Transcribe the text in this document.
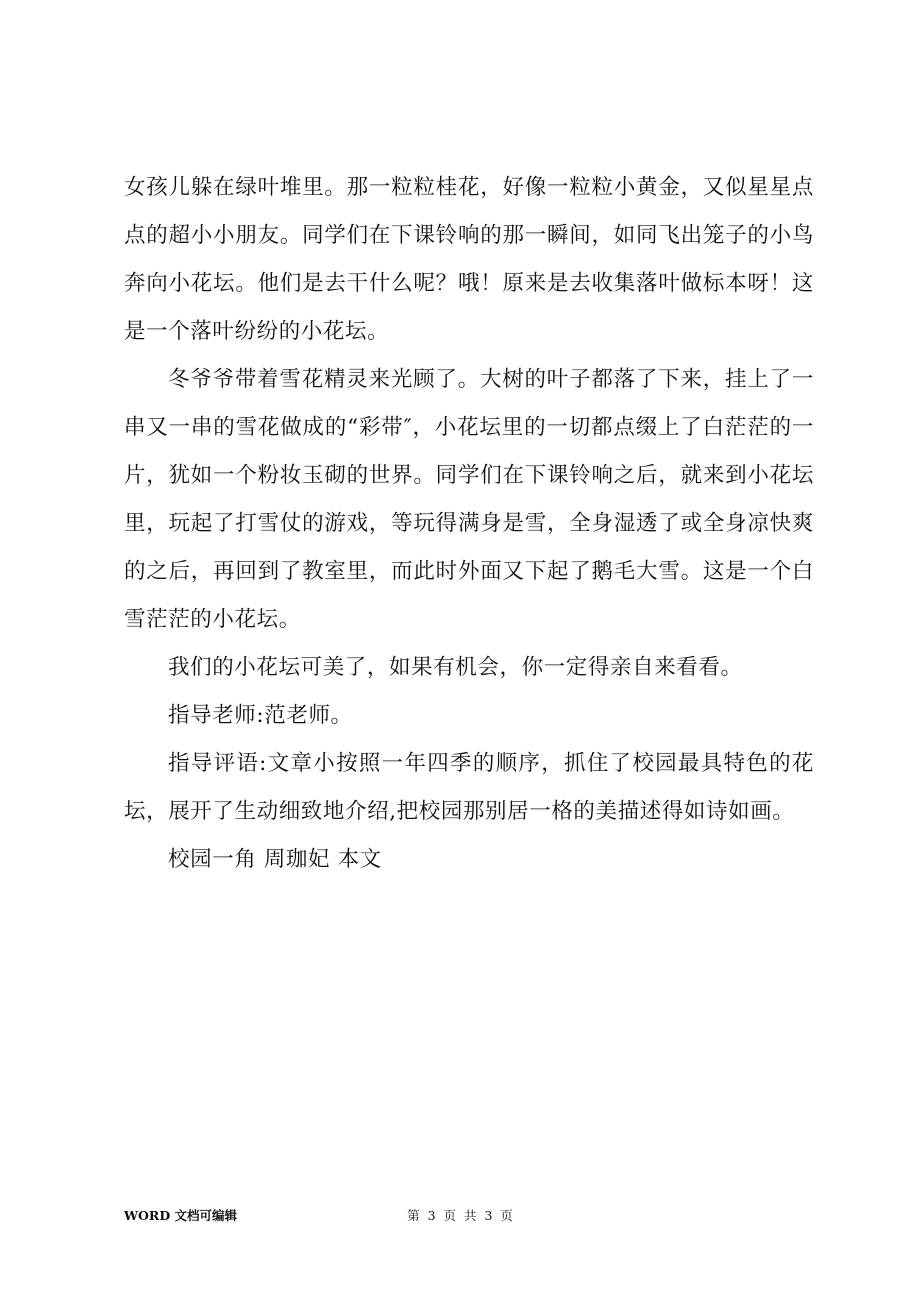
女孩儿躲在绿叶堆里。那一粒粒桂花，好像一粒粒小黄金，又似星星点点的超小小朋友。同学们在下课铃响的那一瞬间，如同飞出笼子的小鸟奔向小花坛。他们是去干什么呢？哦！原来是去收集落叶做标本呀！这是一个落叶纷纷的小花坛。

冬爷爷带着雪花精灵来光顾了。大树的叶子都落了下来，挂上了一串又一串的雪花做成的“彩带″，小花坛里的一切都点缀上了白茫茫的一片，犹如一个粉妆玉砌的世界。同学们在下课铃响之后，就来到小花坛里，玩起了打雪仗的游戏，等玩得满身是雪，全身湿透了或全身凉快爽的之后，再回到了教室里，而此时外面又下起了鹅毛大雪。这是一个白雪茫茫的小花坛。

我们的小花坛可美了，如果有机会，你一定得亲自来看看。

指导老师:范老师。

指导评语:文章小按照一年四季的顺序，抓住了校园最具特色的花坛，展开了生动细致地介绍,把校园那别居一格的美描述得如诗如画。

校园一角 周珈妃 本文

WORD 文档可编辑	第 3 页 共 3 页
